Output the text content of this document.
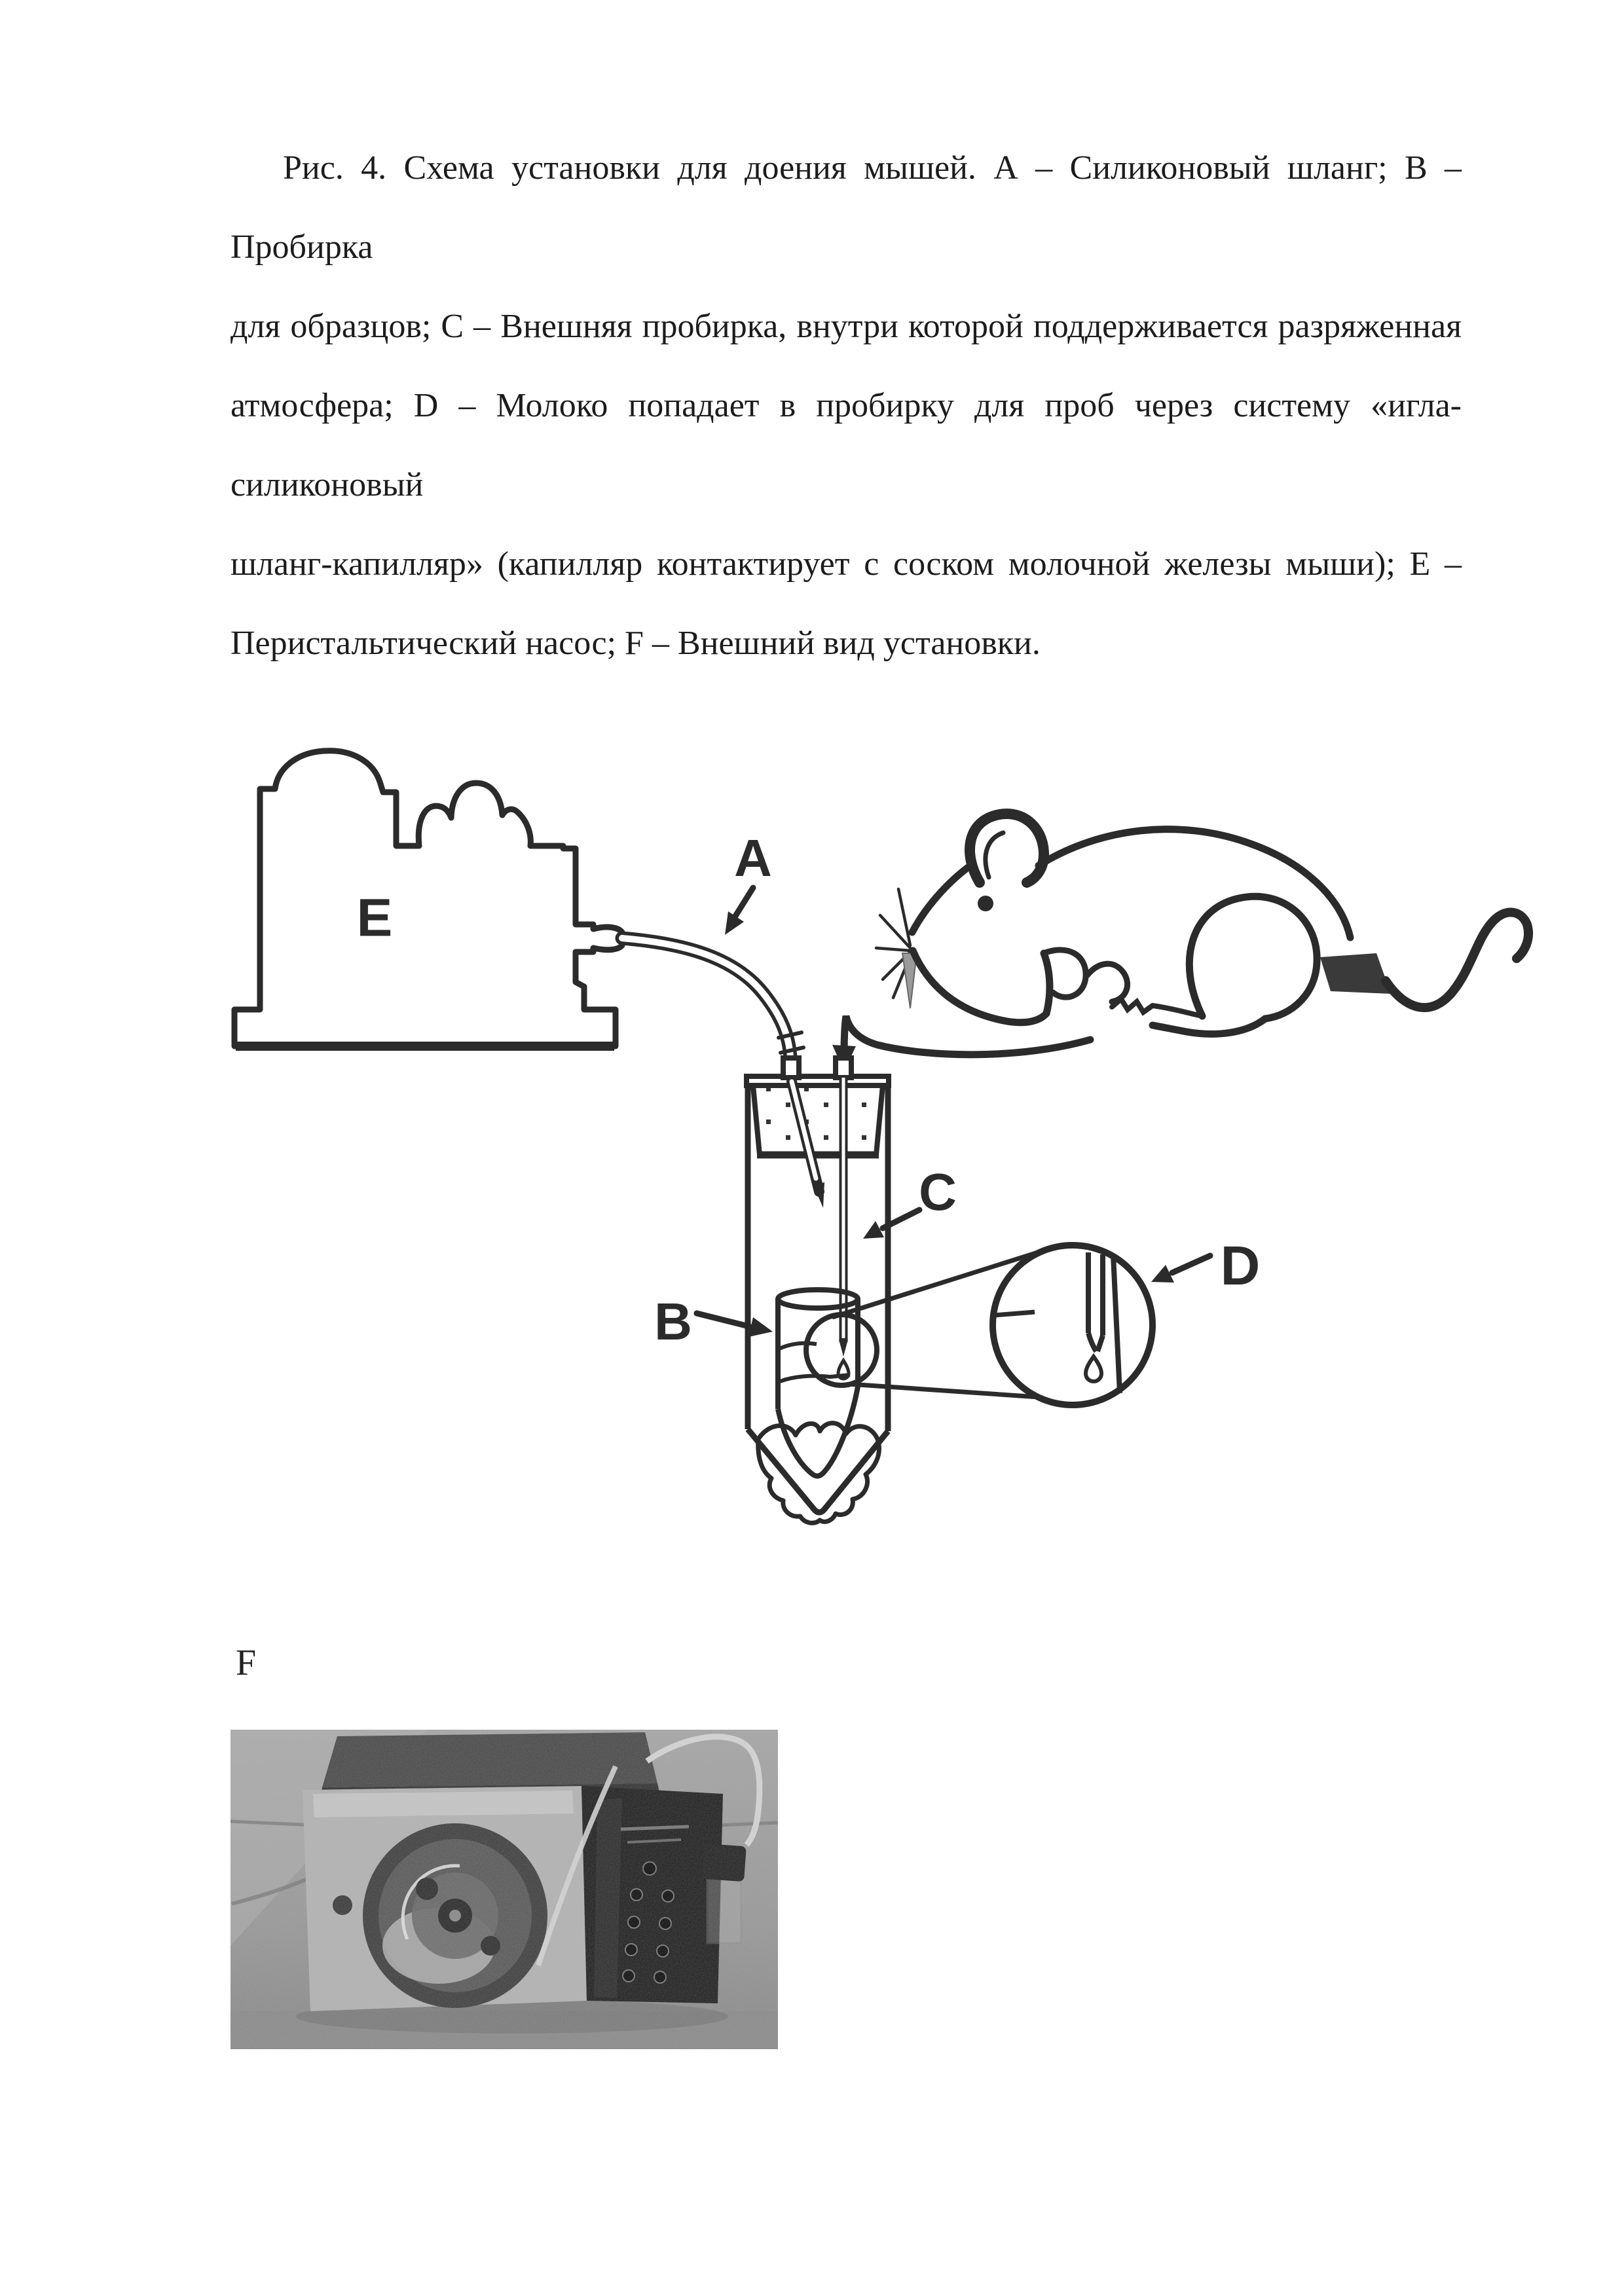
Рис. 4. Схема установки для доения мышей. А – Силиконовый шланг; В – Пробирка
для образцов; С – Внешняя пробирка, внутри которой поддерживается разряженная
атмосфера; D – Молоко попадает в пробирку для проб через систему «игла-силиконовый
шланг-капилляр» (капилляр контактирует с соском молочной железы мыши); Е –
Перистальтический насос; F – Внешний вид установки.
E
A
B
C
D
F
